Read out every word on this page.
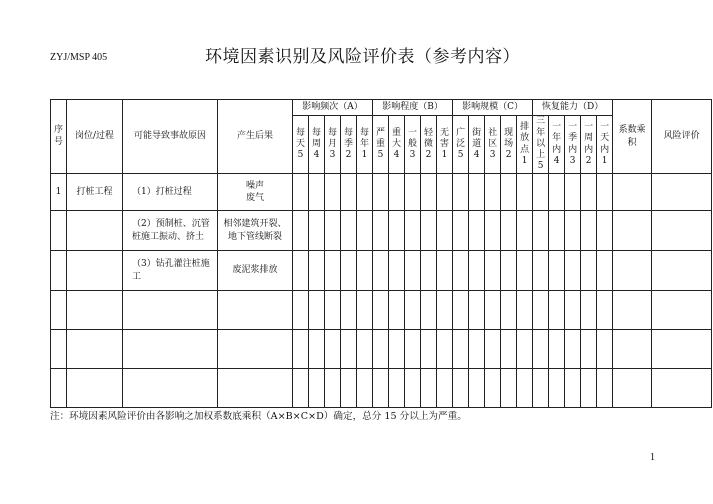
ZYJ/MSP 405	环境因素识别及风险评价表（参考内容）
序号	岗位/过程	可能导致事故原因	产生后果	影响频次（A）					影响程度（B）					影响规模（C）					恢复能力（D）					系数乘积	风险评价

				每天5	每周4	每月3	每季2	每年1	严重5	重大4	一般3	轻微2	无害1	广泛5	街道4	社区3	现场2	排放点1	三年以上5	一年内4	一季内3	一周内2	一天内1		

1	打桩工程	（1）打桩过程	噪声
废气																						

		（2）预制桩、沉管桩施工振动、挤土	相邻建筑开裂、地下管线断裂																						

		（3）钻孔灌注桩施工	废泥浆排放																						

注：环境因素风险评价由各影响之加权系数底乘积（A×B×C×D）确定，总分 15 分以上为严重。
1
